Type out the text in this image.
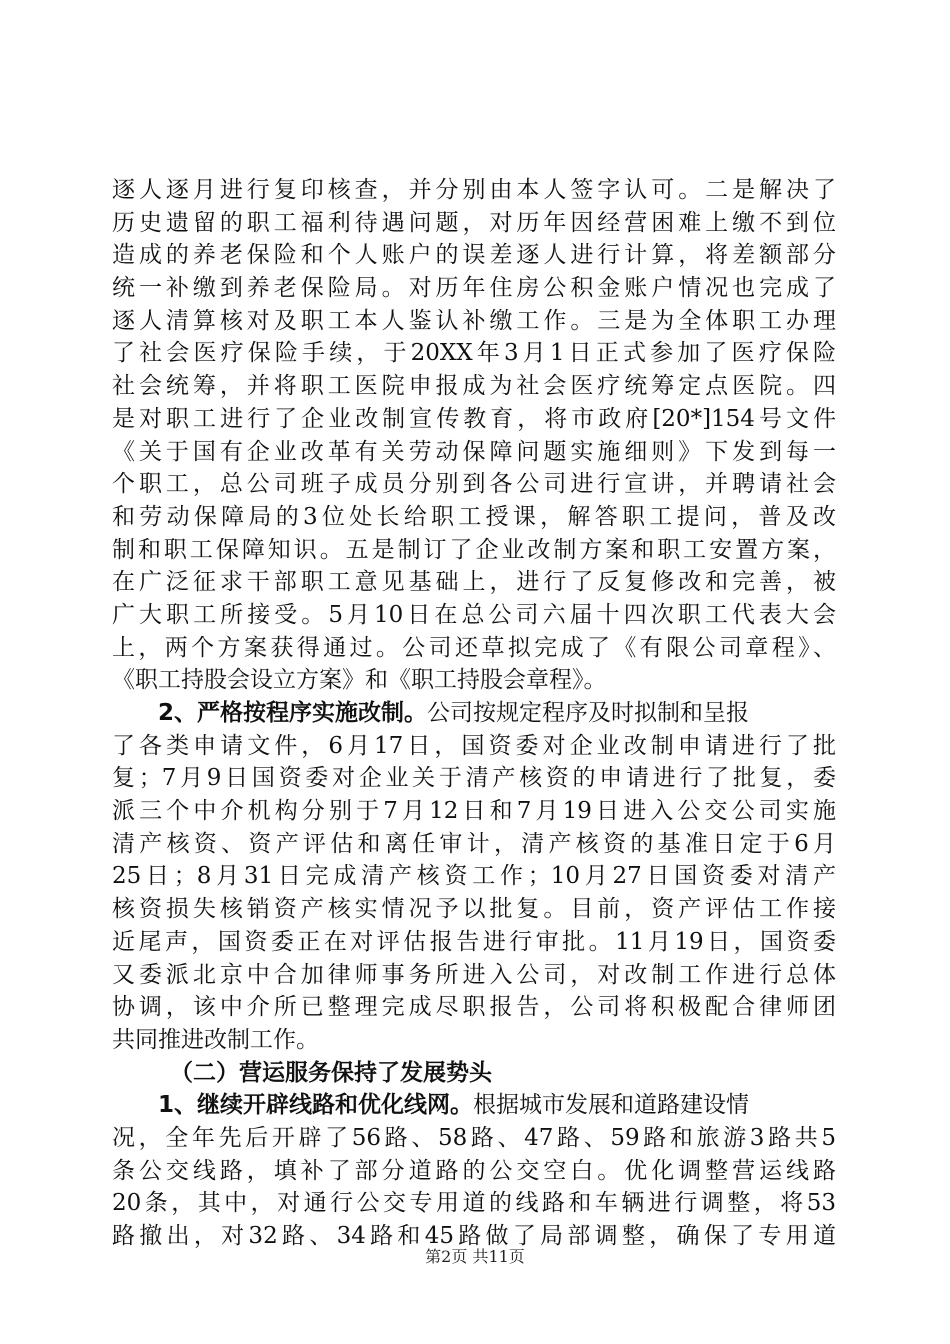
逐人逐月进行复印核查，并分别由本人签字认可。二是解决了
历史遗留的职工福利待遇问题，对历年因经营困难上缴不到位
造成的养老保险和个人账户的误差逐人进行计算，将差额部分
统一补缴到养老保险局。对历年住房公积金账户情况也完成了
逐人清算核对及职工本人鉴认补缴工作。三是为全体职工办理
了社会医疗保险手续，于20XX年3月1日正式参加了医疗保险
社会统筹，并将职工医院申报成为社会医疗统筹定点医院。四
是对职工进行了企业改制宣传教育，将市政府[20*]154号文件
《关于国有企业改革有关劳动保障问题实施细则》下发到每一
个职工，总公司班子成员分别到各公司进行宣讲，并聘请社会
和劳动保障局的3位处长给职工授课，解答职工提问，普及改
制和职工保障知识。五是制订了企业改制方案和职工安置方案，
在广泛征求干部职工意见基础上，进行了反复修改和完善，被
广大职工所接受。5月10日在总公司六届十四次职工代表大会
上，两个方案获得通过。公司还草拟完成了《有限公司章程》、
《职工持股会设立方案》和《职工持股会章程》。
2、严格按程序实施改制。公司按规定程序及时拟制和呈报
了各类申请文件，6月17日，国资委对企业改制申请进行了批
复；7月9日国资委对企业关于清产核资的申请进行了批复，委
派三个中介机构分别于7月12日和7月19日进入公交公司实施
清产核资、资产评估和离任审计，清产核资的基准日定于6月
25日；8月31日完成清产核资工作；10月27日国资委对清产
核资损失核销资产核实情况予以批复。目前，资产评估工作接
近尾声，国资委正在对评估报告进行审批。11月19日，国资委
又委派北京中合加律师事务所进入公司，对改制工作进行总体
协调，该中介所已整理完成尽职报告，公司将积极配合律师团
共同推进改制工作。
（二）营运服务保持了发展势头
1、继续开辟线路和优化线网。根据城市发展和道路建设情
况，全年先后开辟了56路、58路、47路、59路和旅游3路共5
条公交线路，填补了部分道路的公交空白。优化调整营运线路
20条，其中，对通行公交专用道的线路和车辆进行调整，将53
路撤出，对32路、34路和45路做了局部调整，确保了专用道
第2页 共11页
